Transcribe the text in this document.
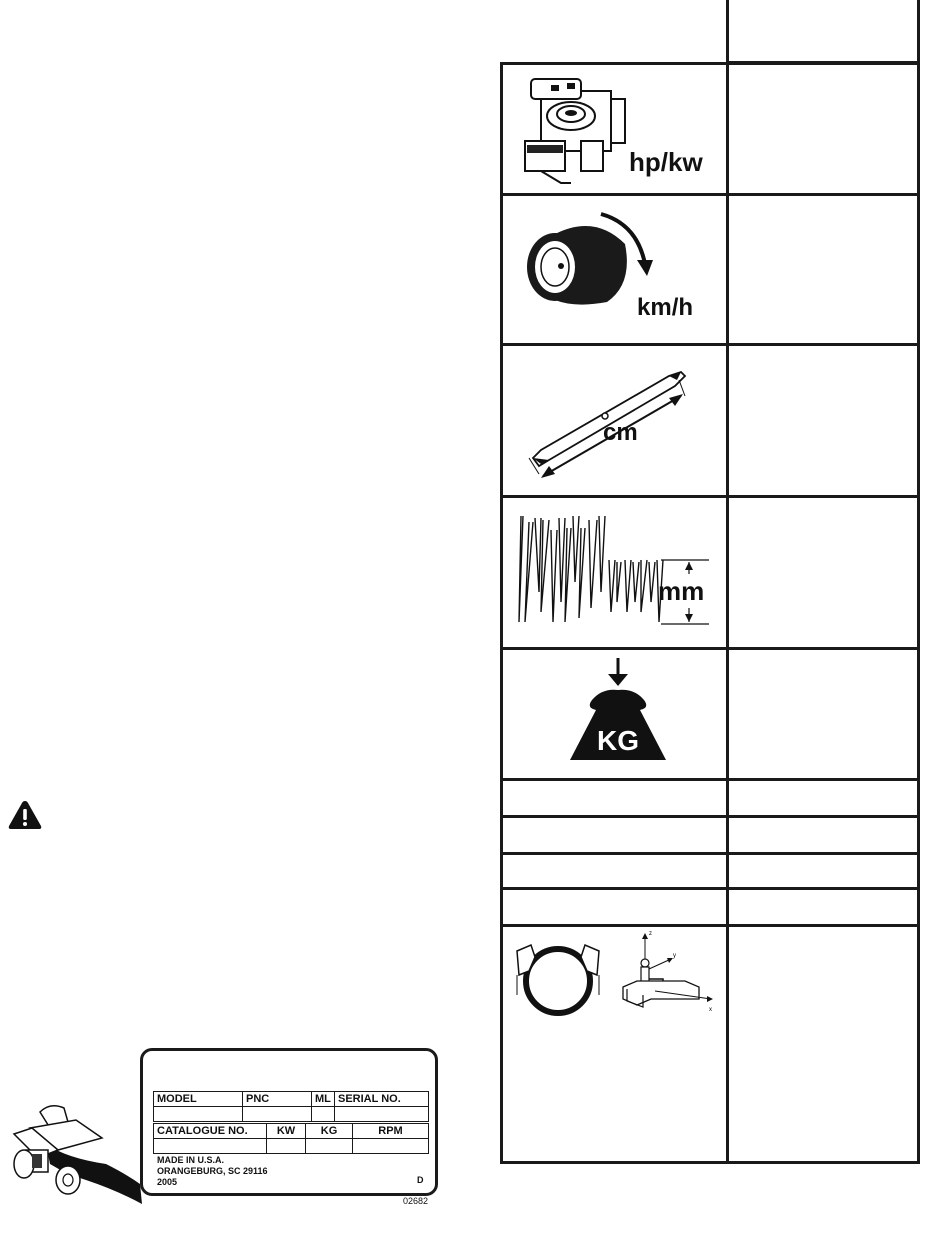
hp/kw
km/h
cm
mm
KG
z
y
x
MODEL	PNC	ML	SERIAL NO.

CATALOGUE NO.	KW	KG	RPM

MADE IN U.S.A.
ORANGEBURG, SC 29116
2005	D
02682
